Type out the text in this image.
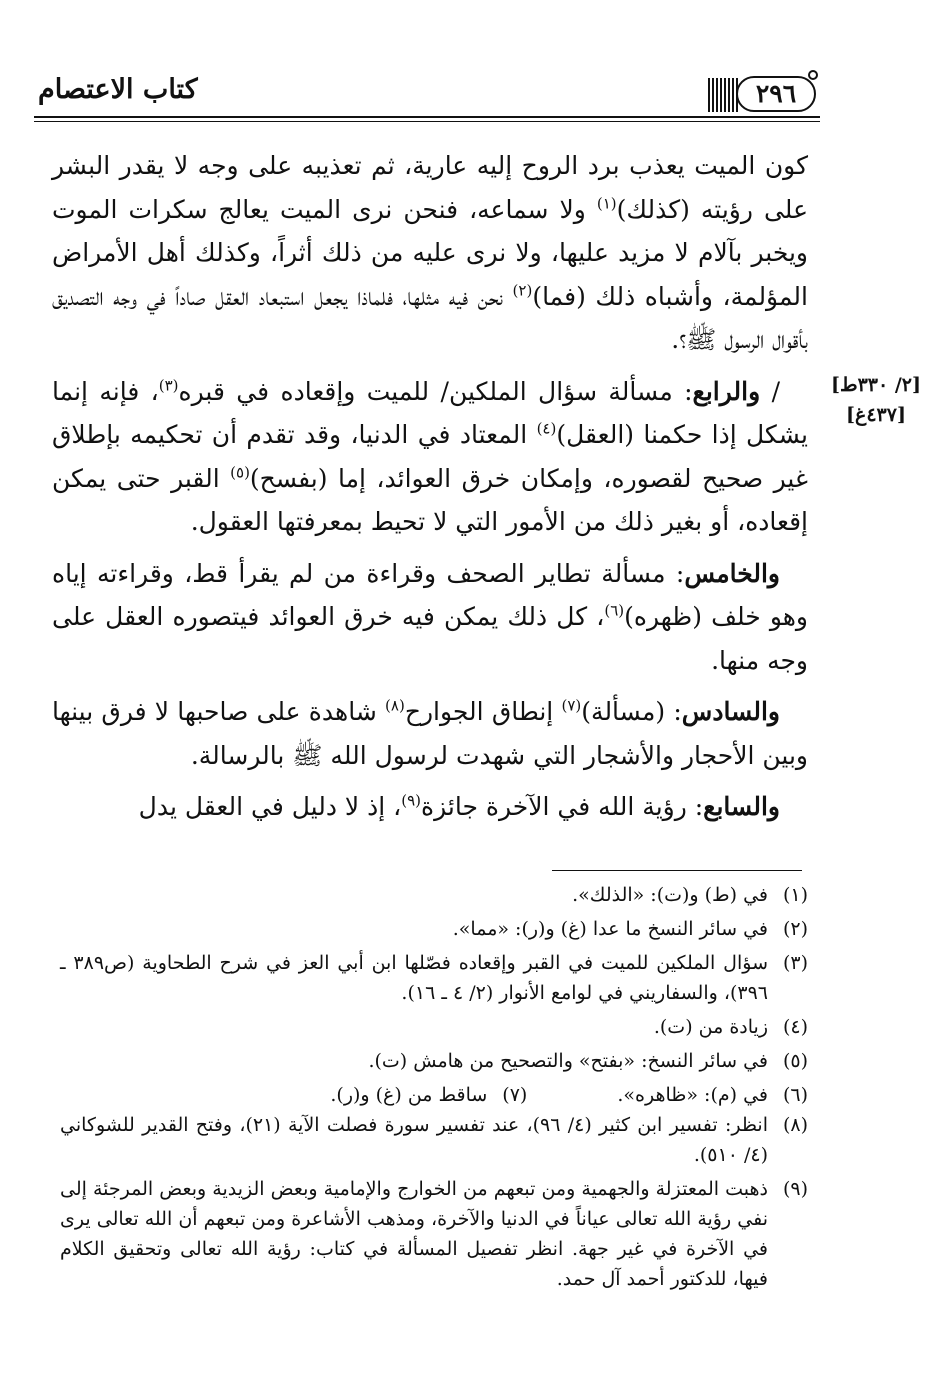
كتاب الاعتصام	٢٩٦
[٢/ ٣٣٠ط]
[٤٣٧غ]

كون الميت يعذب برد الروح إليه عارية، ثم تعذيبه على وجه لا يقدر البشر على رؤيته (كذلك)$^{(١)}$ ولا سماعه، فنحن نرى الميت يعالج سكرات الموت ويخبر بآلام لا مزيد عليها، ولا نرى عليه من ذلك أثراً، وكذلك أهل الأمراض المؤلمة، وأشباه ذلك (فما)$^{(٢)}$ نحن فيه مثلها، فلماذا يجعل استبعاد العقل صاداً في وجه التصديق بأقوال الرسول ﷺ؟.

/ والرابع: مسألة سؤال الملكين/ للميت وإقعاده في قبره$^{(٣)}$، فإنه إنما يشكل إذا حكمنا (العقل)$^{(٤)}$ المعتاد في الدنيا، وقد تقدم أن تحكيمه بإطلاق غير صحيح لقصوره، وإمكان خرق العوائد، إما (بفسح)$^{(٥)}$ القبر حتى يمكن إقعاده، أو بغير ذلك من الأمور التي لا تحيط بمعرفتها العقول.

والخامس: مسألة تطاير الصحف وقراءة من لم يقرأ قط، وقراءته إياه وهو خلف (ظهره)$^{(٦)}$، كل ذلك يمكن فيه خرق العوائد فيتصوره العقل على وجه منها.

والسادس: (مسألة)$^{(٧)}$ إنطاق الجوارح$^{(٨)}$ شاهدة على صاحبها لا فرق بينها وبين الأحجار والأشجار التي شهدت لرسول الله ﷺ بالرسالة.

والسابع: رؤية الله في الآخرة جائزة$^{(٩)}$، إذ لا دليل في العقل يدل

(١)
في (ط) و(ت): «الذلك».
(٢)
في سائر النسخ ما عدا (غ) و(ر): «مما».
(٣)
سؤال الملكين للميت في القبر وإقعاده فصّلها ابن أبي العز في شرح الطحاوية (ص٣٨٩ ـ ٣٩٦)، والسفاريني في لوامع الأنوار (٢/ ٤ ـ ١٦).
(٤)
زيادة من (ت).
(٥)
في سائر النسخ: «بفتح» والتصحيح من هامش (ت).
(٦)
في (م): «ظاهره».
(٧)
ساقط من (غ) و(ر).
(٨)
انظر: تفسير ابن كثير (٤/ ٩٦)، عند تفسير سورة فصلت الآية (٢١)، وفتح القدير للشوكاني (٤/ ٥١٠).
(٩)
ذهبت المعتزلة والجهمية ومن تبعهم من الخوارج والإمامية وبعض الزيدية وبعض المرجئة إلى نفي رؤية الله تعالى عياناً في الدنيا والآخرة، ومذهب الأشاعرة ومن تبعهم أن الله تعالى يرى في الآخرة في غير جهة. انظر تفصيل المسألة في كتاب: رؤية الله تعالى وتحقيق الكلام فيها، للدكتور أحمد آل حمد.
